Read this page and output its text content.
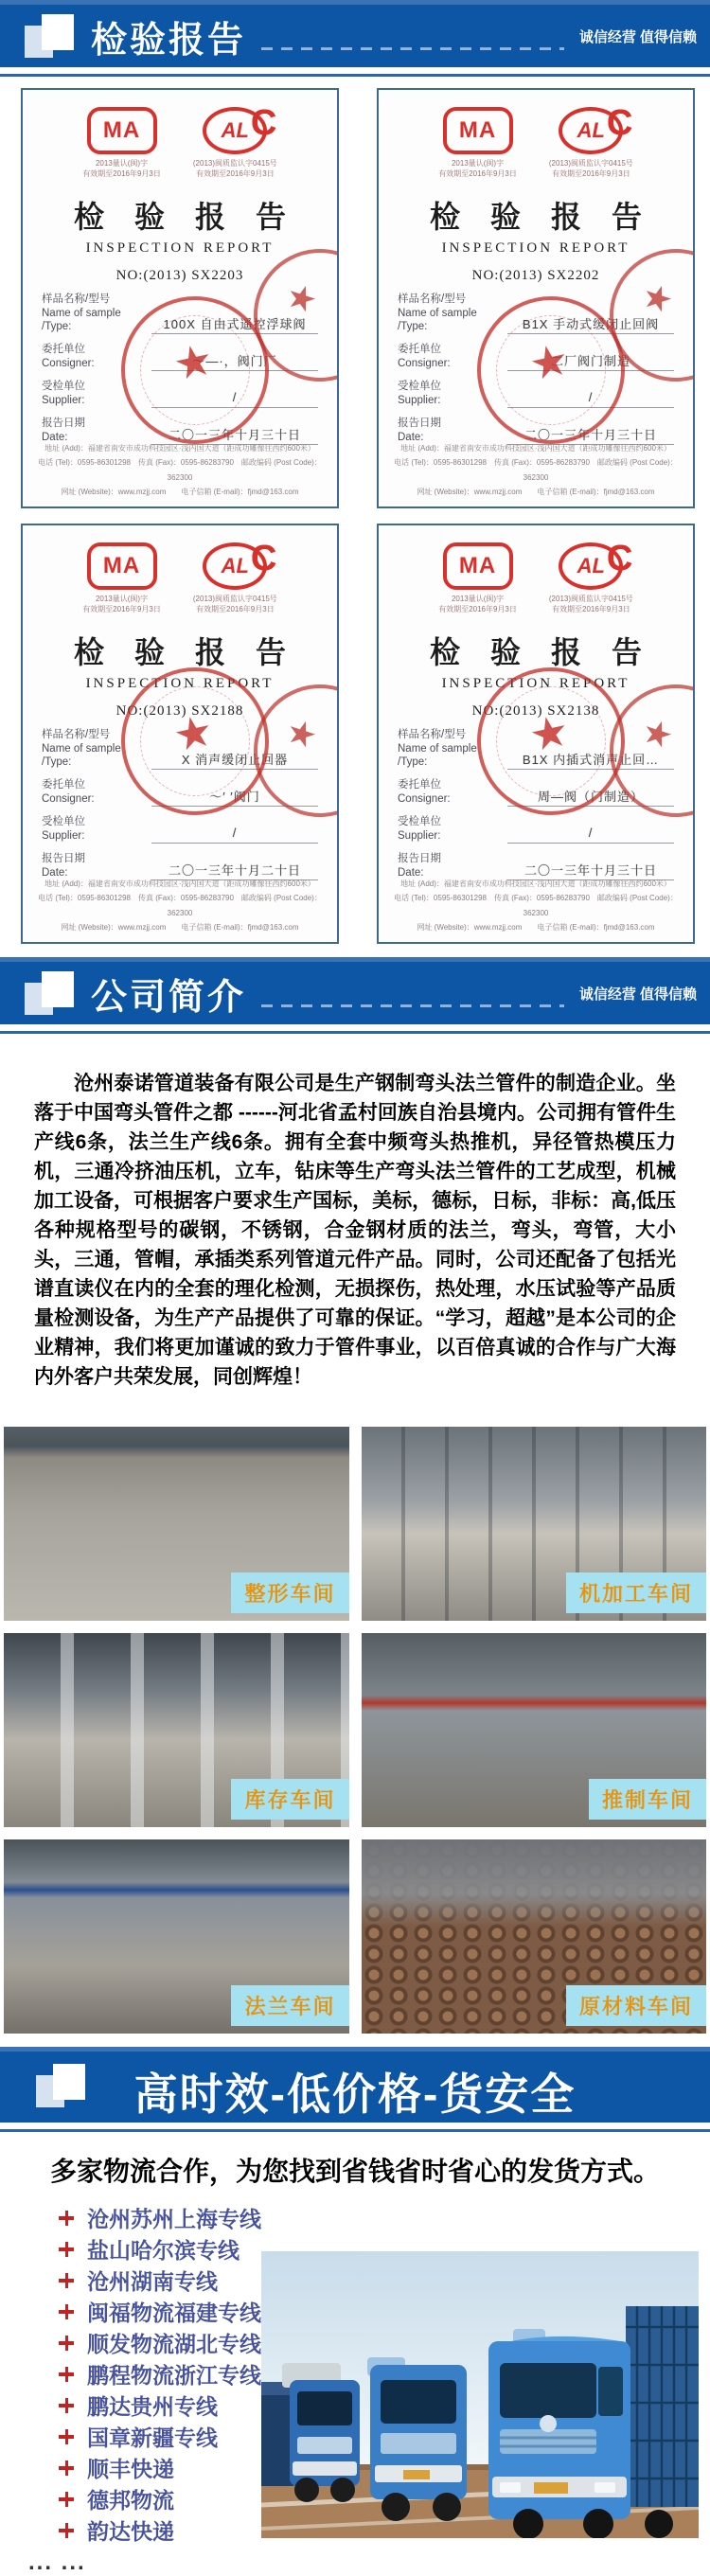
检验报告	诚信经营 值得信赖
MA
2013量认(闽)字
有效期至2016年9月3日
AL C
(2013)闽质监认字0415号
有效期至2016年9月3日
检　验　报　告
INSPECTION REPORT
NO:(2013) SX2203
样品名称/型号
Name of sample /Type:	100X 自由式遥控浮球阀
委托单位
Consigner:	～—·，阀门厂
受检单位
Supplier:	/
报告日期
Date:	二〇一三年十月三十日
地址 (Add)：福建省南安市成功科技园区·浅内国大道（距成功雕像往西约600米）
电话 (Tel)：0595-86301298　传真 (Fax)：0595-86283790　邮政编码 (Post Code)：362300
网址 (Website)：www.mzjj.com　　电子信箱 (E-mail)：fjmd@163.com
★
★
MA
2013量认(闽)字
有效期至2016年9月3日
AL C
(2013)闽质监认字0415号
有效期至2016年9月3日
检　验　报　告
INSPECTION REPORT
NO:(2013) SX2202
样品名称/型号
Name of sample /Type:	B1X 手动式缓闭止回阀
委托单位
Consigner:	二厂阀门制造
受检单位
Supplier:	/
报告日期
Date:	二〇一三年十月三十日
地址 (Add)：福建省南安市成功科技园区·浅内国大道（距成功雕像往西约600米）
电话 (Tel)：0595-86301298　传真 (Fax)：0595-86283790　邮政编码 (Post Code)：362300
网址 (Website)：www.mzjj.com　　电子信箱 (E-mail)：fjmd@163.com
★
★
MA
2013量认(闽)字
有效期至2016年9月3日
AL C
(2013)闽质监认字0415号
有效期至2016年9月3日
检　验　报　告
INSPECTION REPORT
NO:(2013) SX2188
样品名称/型号
Name of sample /Type:	X 消声缓闭止回器
委托单位
Consigner:	～′ ′阀门
受检单位
Supplier:	/
报告日期
Date:	二〇一三年十月二十日
地址 (Add)：福建省南安市成功科技园区·浅内国大道（距成功雕像往西约600米）
电话 (Tel)：0595-86301298　传真 (Fax)：0595-86283790　邮政编码 (Post Code)：362300
网址 (Website)：www.mzjj.com　　电子信箱 (E-mail)：fjmd@163.com
★
★
MA
2013量认(闽)字
有效期至2016年9月3日
AL C
(2013)闽质监认字0415号
有效期至2016年9月3日
检　验　报　告
INSPECTION REPORT
NO:(2013) SX2138
样品名称/型号
Name of sample /Type:	B1X 内插式消声止回…
委托单位
Consigner:	周—阀（门制造）
受检单位
Supplier:	/
报告日期
Date:	二〇一三年十月三十日
地址 (Add)：福建省南安市成功科技园区·浅内国大道（距成功雕像往西约600米）
电话 (Tel)：0595-86301298　传真 (Fax)：0595-86283790　邮政编码 (Post Code)：362300
网址 (Website)：www.mzjj.com　　电子信箱 (E-mail)：fjmd@163.com
★
★
公司简介	诚信经营 值得信赖

沧州泰诺管道装备有限公司是生产钢制弯头法兰管件的制造企业。坐落于中国弯头管件之都 ------河北省孟村回族自治县境内。公司拥有管件生产线6条，法兰生产线6条。拥有全套中频弯头热推机，异径管热模压力机，三通冷挤油压机，立车，钻床等生产弯头法兰管件的工艺成型，机械加工设备，可根据客户要求生产国标，美标，德标，日标，非标：高,低压各种规格型号的碳钢，不锈钢，合金钢材质的法兰，弯头，弯管，大小头，三通，管帽，承插类系列管道元件产品。同时，公司还配备了包括光谱直读仪在内的全套的理化检测，无损探伤，热处理，水压试验等产品质量检测设备，为生产产品提供了可靠的保证。“学习，超越”是本公司的企业精神，我们将更加谨诚的致力于管件事业，以百倍真诚的合作与广大海内外客户共荣发展，同创辉煌！

整形车间	机加工车间
库存车间	推制车间
法兰车间	原材料车间
高时效-低价格-货安全
多家物流合作，为您找到省钱省时省心的发货方式。
沧州苏州上海专线
盐山哈尔滨专线
沧州湖南专线
闽福物流福建专线
顺发物流湖北专线
鹏程物流浙江专线
鹏达贵州专线
国章新疆专线
顺丰快递
德邦物流
韵达快递
... ...
